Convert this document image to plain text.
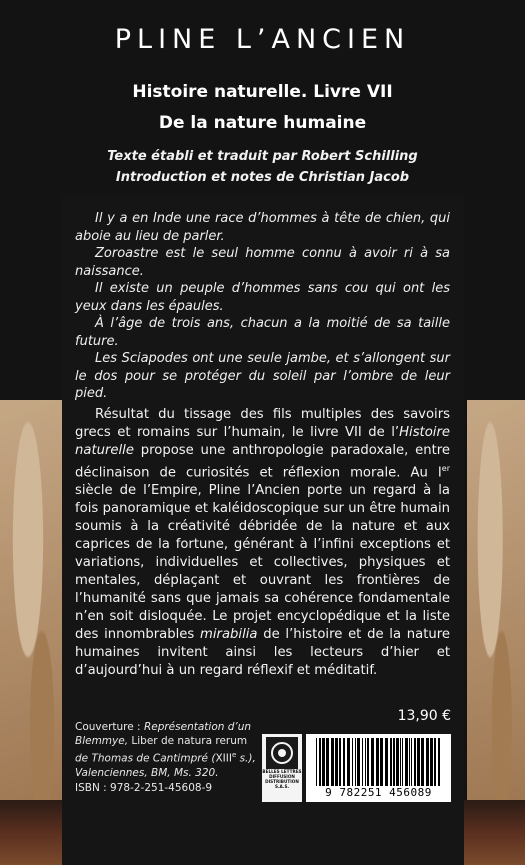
PLINE L’ANCIEN
Histoire naturelle. Livre VII
De la nature humaine
Texte établi et traduit par Robert Schilling
Introduction et notes de Christian Jacob

Il y a en Inde une race d’hommes à tête de chien, qui aboie au lieu de parler.

Zoroastre est le seul homme connu à avoir ri à sa naissance.

Il existe un peuple d’hommes sans cou qui ont les yeux dans les épaules.

À l’âge de trois ans, chacun a la moitié de sa taille future.

Les Sciapodes ont une seule jambe, et s’allongent sur le dos pour se protéger du soleil par l’ombre de leur pied.

Résultat du tissage des fils multiples des savoirs grecs et romains sur l’humain, le livre VII de l’Histoire naturelle propose une anthropologie paradoxale, entre déclinaison de curiosités et réflexion morale. Au Ier siècle de l’Empire, Pline l’Ancien porte un regard à la fois panoramique et kaléidoscopique sur un être humain soumis à la créativité débridée de la nature et aux caprices de la fortune, générant à l’infini exceptions et variations, individuelles et collectives, physiques et mentales, déplaçant et ouvrant les frontières de l’humanité sans que jamais sa cohérence fondamentale n’en soit disloquée. Le projet encyclopédique et la liste des innombrables mirabilia de l’histoire et de la nature humaines invitent ainsi les lecteurs d’hier et d’aujourd’hui à un regard réflexif et méditatif.

13,90 €
Couverture : Représentation d’un Blemmye, Liber de natura rerum de Thomas de Cantimpré (XIIIe s.), Valenciennes, BM, Ms. 320.
ISBN : 978-2-251-45608-9
BELLES LETTRES
DIFFUSION
DISTRIBUTION
S.A.S.	9 782251 456089
